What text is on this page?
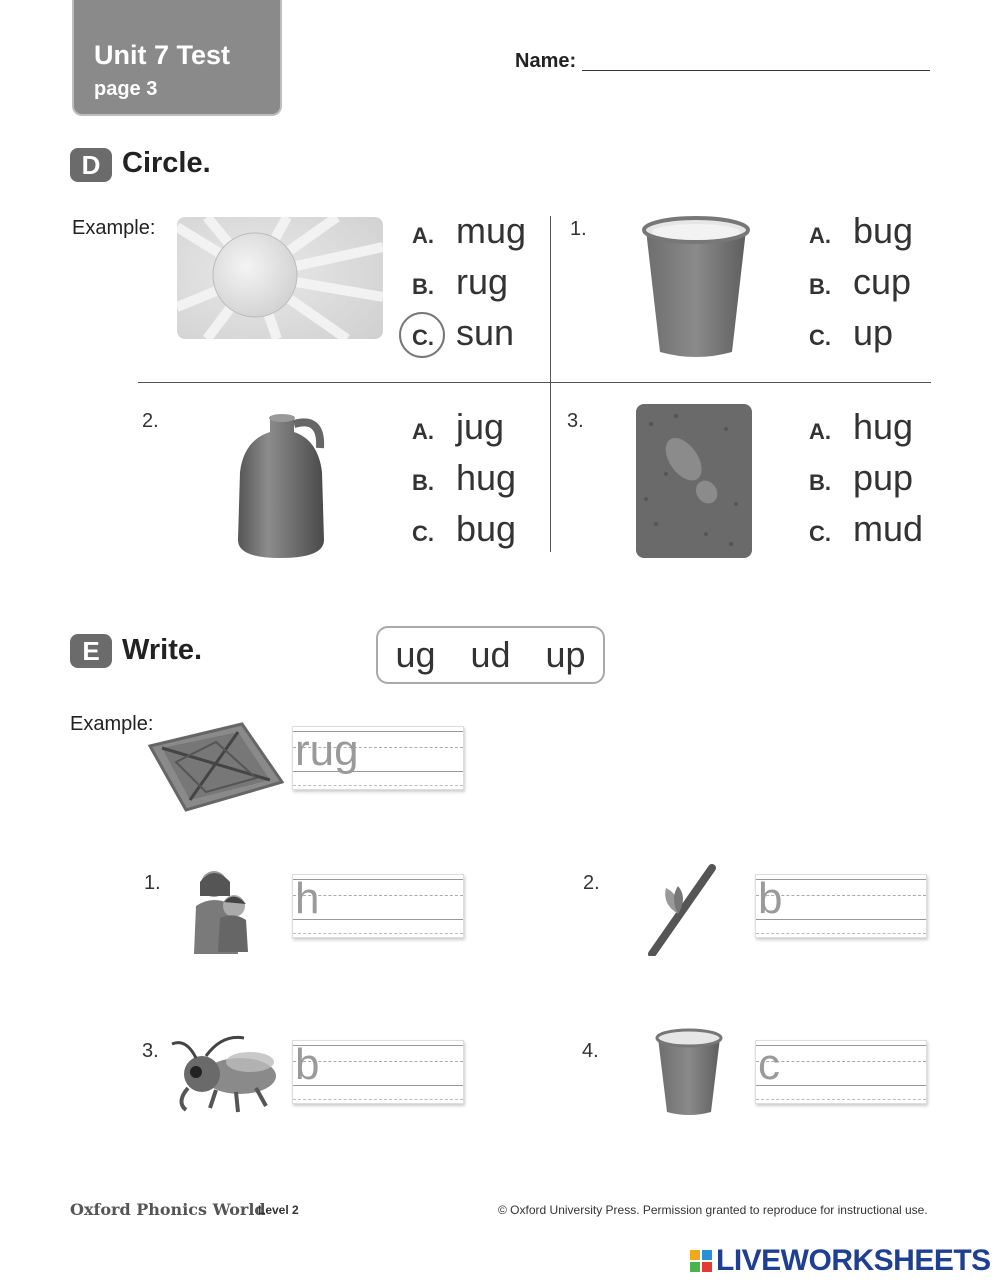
Unit 7 Test
page 3
Name:
D Circle.
Example:	A. mug
B. rug
C. sun
1.	A. bug
B. cup
C. up
2.	A. jug
B. hug
C. bug
3.	A. hug
B. pup
C. mud
E Write.	ug ud up
Example:
rug
1.	h	2.	b
3.	b	4.	c
Oxford Phonics World
Level 2	© Oxford University Press. Permission granted to reproduce for instructional use.
LIVEWORKSHEETS
